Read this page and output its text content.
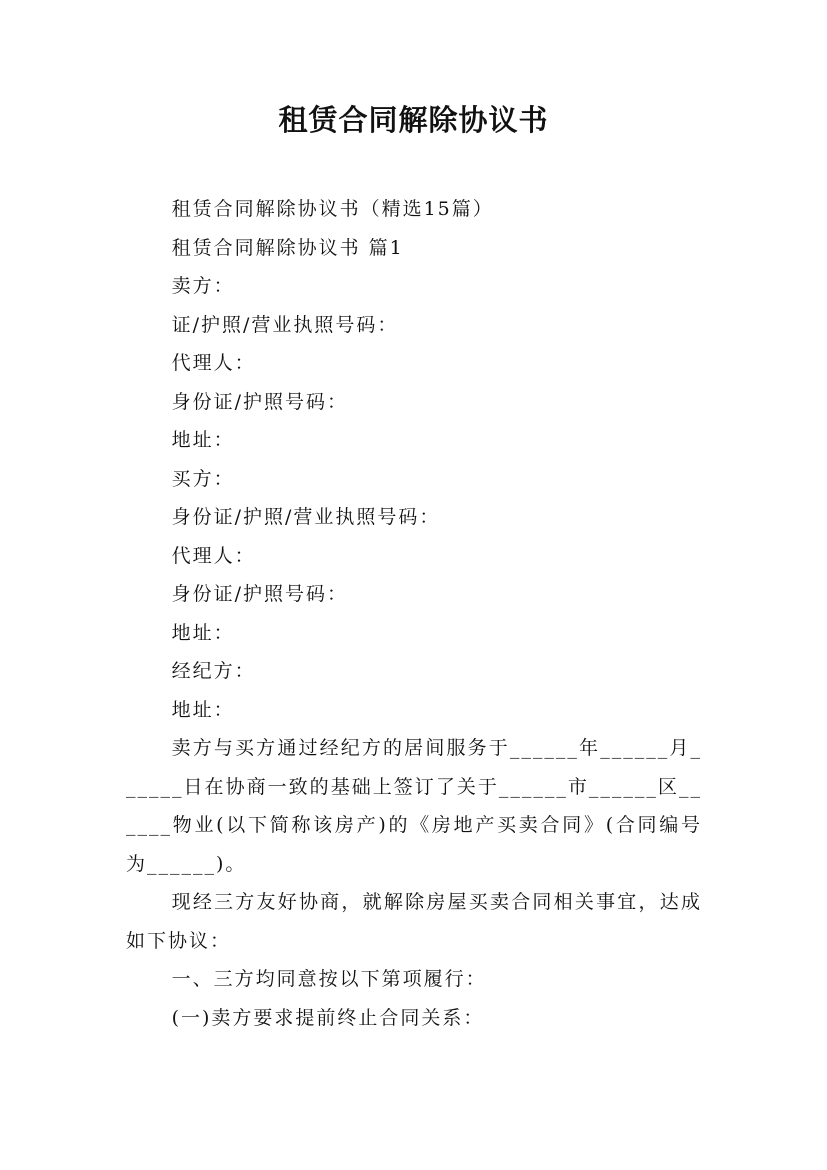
租赁合同解除协议书

租赁合同解除协议书（精选15篇）

租赁合同解除协议书 篇1

卖方：

证/护照/营业执照号码：

代理人：

身份证/护照号码：

地址：

买方：

身份证/护照/营业执照号码：

代理人：

身份证/护照号码：

地址：

经纪方：

地址：

卖方与买方通过经纪方的居间服务于______年______月______日在协商一致的基础上签订了关于______市______区______物业(以下简称该房产)的《房地产买卖合同》(合同编号为______)。

现经三方友好协商，就解除房屋买卖合同相关事宜，达成如下协议：

一、三方均同意按以下第项履行：

(一)卖方要求提前终止合同关系：
